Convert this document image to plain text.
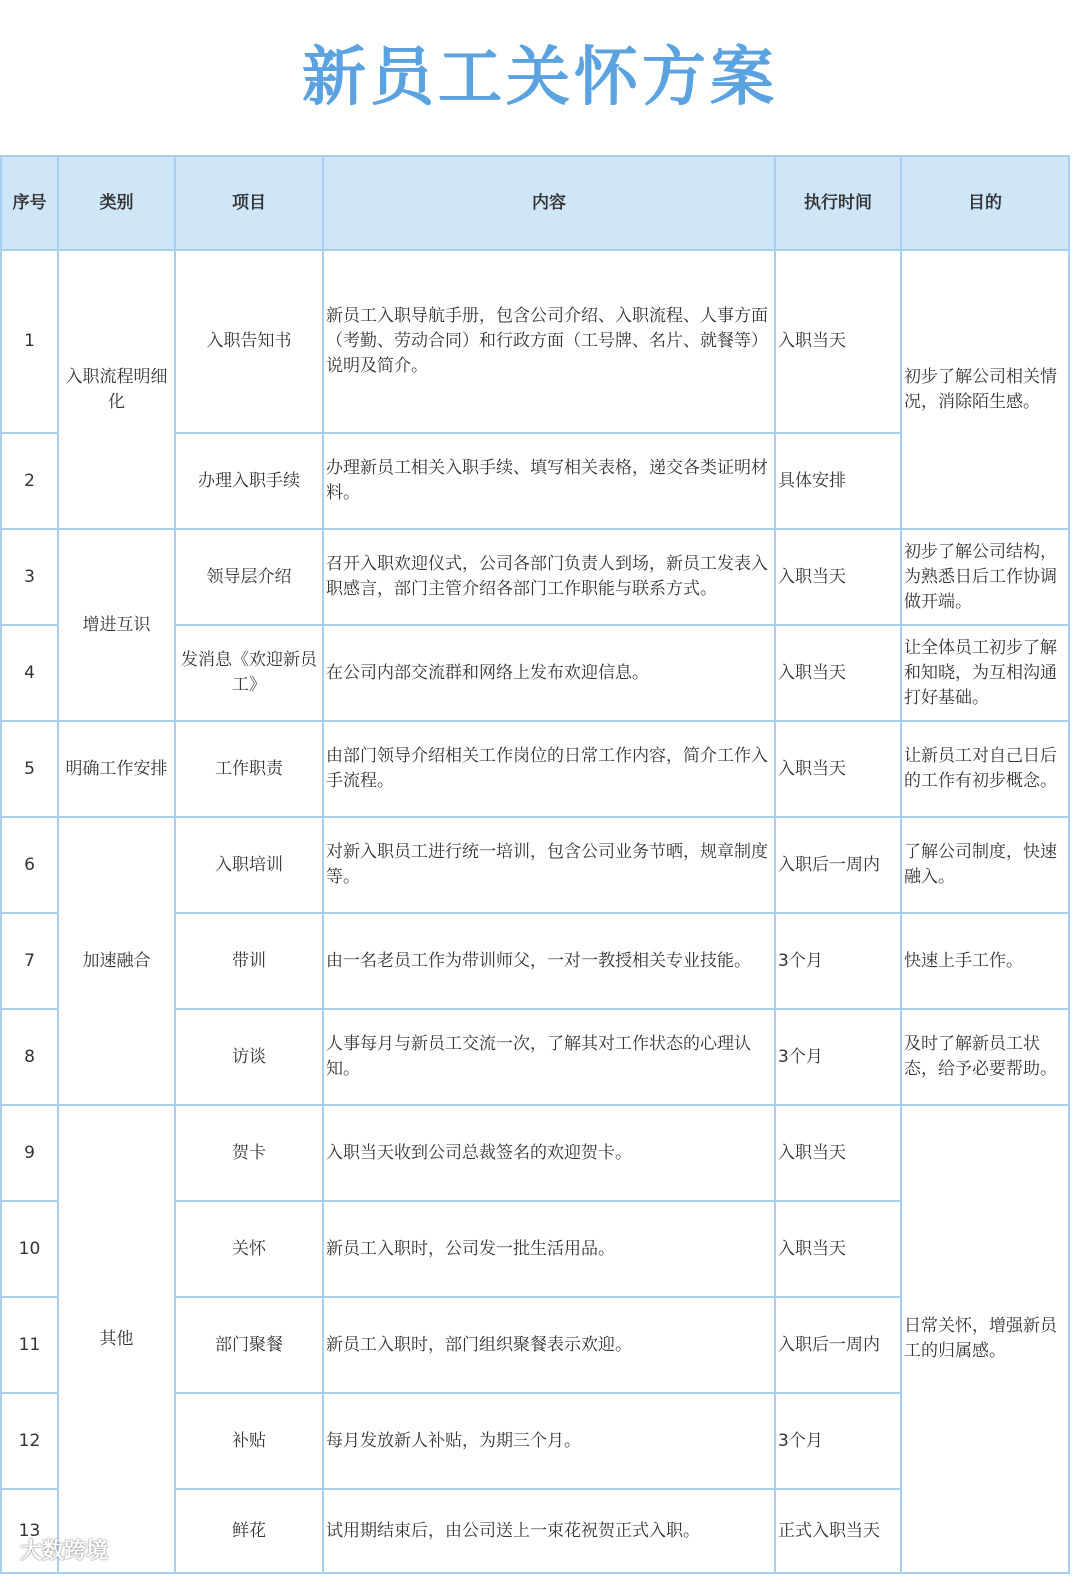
新员工关怀方案
序号	类别	项目	内容	执行时间	目的
1	入职流程明细化	入职告知书	新员工入职导航手册，包含公司介绍、入职流程、人事方面（考勤、劳动合同）和行政方面（工号牌、名片、就餐等）说明及简介。	入职当天	初步了解公司相关情况，消除陌生感。
2		办理入职手续	办理新员工相关入职手续、填写相关表格，递交各类证明材料。	具体安排	
3	增进互识	领导层介绍	召开入职欢迎仪式，公司各部门负责人到场，新员工发表入职感言，部门主管介绍各部门工作职能与联系方式。	入职当天	初步了解公司结构，为熟悉日后工作协调做开端。
4		发消息《欢迎新员工》	在公司内部交流群和网络上发布欢迎信息。	入职当天	让全体员工初步了解和知晓，为互相沟通打好基础。
5	明确工作安排	工作职责	由部门领导介绍相关工作岗位的日常工作内容，简介工作入手流程。	入职当天	让新员工对自己日后的工作有初步概念。
6	加速融合	入职培训	对新入职员工进行统一培训，包含公司业务节晒，规章制度等。	入职后一周内	了解公司制度，快速融入。
7		带训	由一名老员工作为带训师父，一对一教授相关专业技能。	3个月	快速上手工作。
8		访谈	人事每月与新员工交流一次，了解其对工作状态的心理认知。	3个月	及时了解新员工状态，给予必要帮助。
9	其他	贺卡	入职当天收到公司总裁签名的欢迎贺卡。	入职当天	日常关怀，增强新员工的归属感。
10		关怀	新员工入职时，公司发一批生活用品。	入职当天	
11		部门聚餐	新员工入职时，部门组织聚餐表示欢迎。	入职后一周内	
12		补贴	每月发放新人补贴，为期三个月。	3个月	
13		鲜花	试用期结束后，由公司送上一束花祝贺正式入职。	正式入职当天	
大数跨境
